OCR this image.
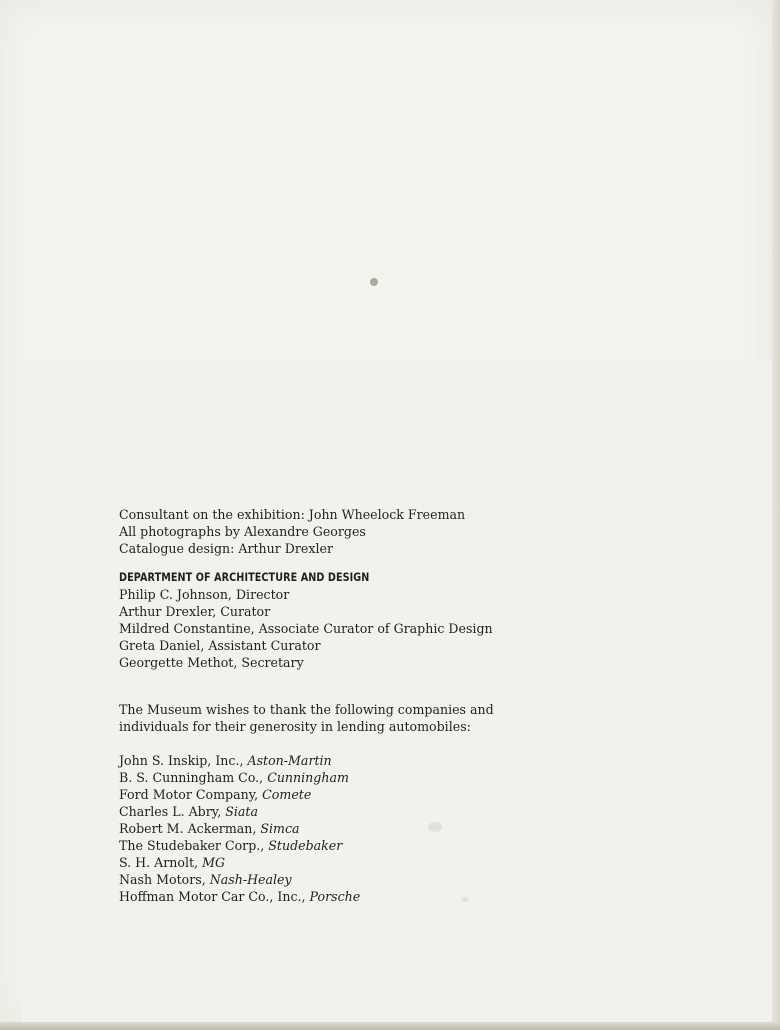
Consultant on the exhibition: John Wheelock Freeman
All photographs by Alexandre Georges
Catalogue design: Arthur Drexler
DEPARTMENT OF ARCHITECTURE AND DESIGN
Philip C. Johnson, Director
Arthur Drexler, Curator
Mildred Constantine, Associate Curator of Graphic Design
Greta Daniel, Assistant Curator
Georgette Methot, Secretary
The Museum wishes to thank the following companies and
individuals for their generosity in lending automobiles:
John S. Inskip, Inc., Aston-Martin
B. S. Cunningham Co., Cunningham
Ford Motor Company, Comete
Charles L. Abry, Siata
Robert M. Ackerman, Simca
The Studebaker Corp., Studebaker
S. H. Arnolt, MG
Nash Motors, Nash-Healey
Hoffman Motor Car Co., Inc., Porsche
